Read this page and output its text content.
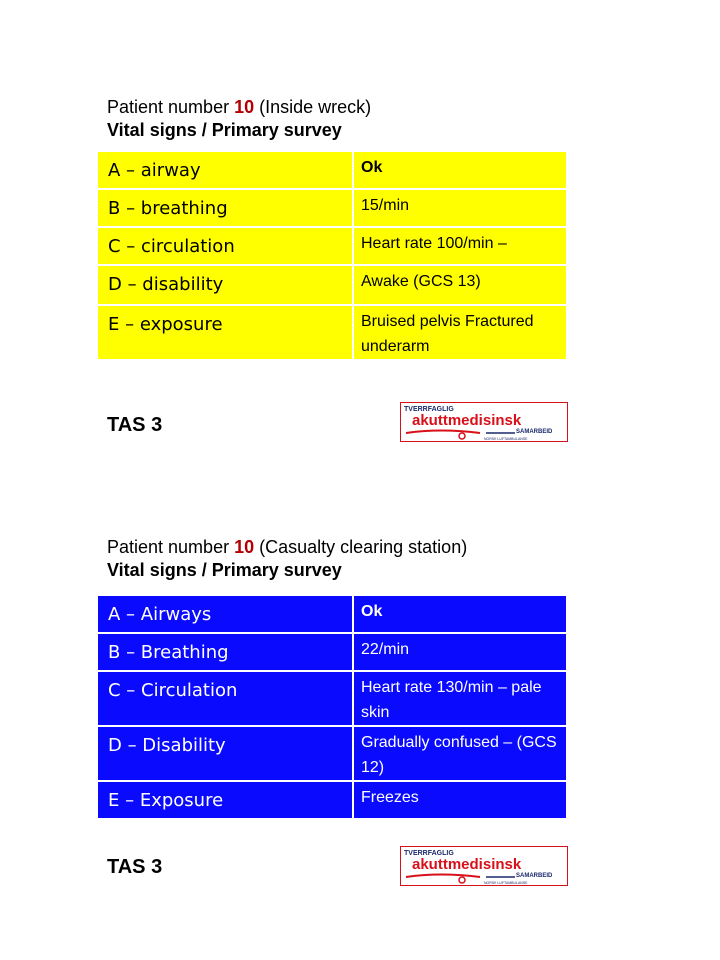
Patient number 10 (Inside wreck)
Vital signs / Primary survey
A – airway	Ok
B – breathing	15/min
C – circulation	Heart rate 100/min –
D – disability	Awake (GCS 13)
E – exposure	Bruised pelvis Fractured underarm
TAS 3
TVERRFAGLIG
akuttmedisinsk
SAMARBEID
NORSK LUFTAMBULANSE
Patient number 10 (Casualty clearing station)
Vital signs / Primary survey
A – Airways	Ok
B – Breathing	22/min
C – Circulation	Heart rate 130/min – pale skin
D – Disability	Gradually confused – (GCS 12)
E – Exposure	Freezes
TAS 3
TVERRFAGLIG
akuttmedisinsk
SAMARBEID
NORSK LUFTAMBULANSE
